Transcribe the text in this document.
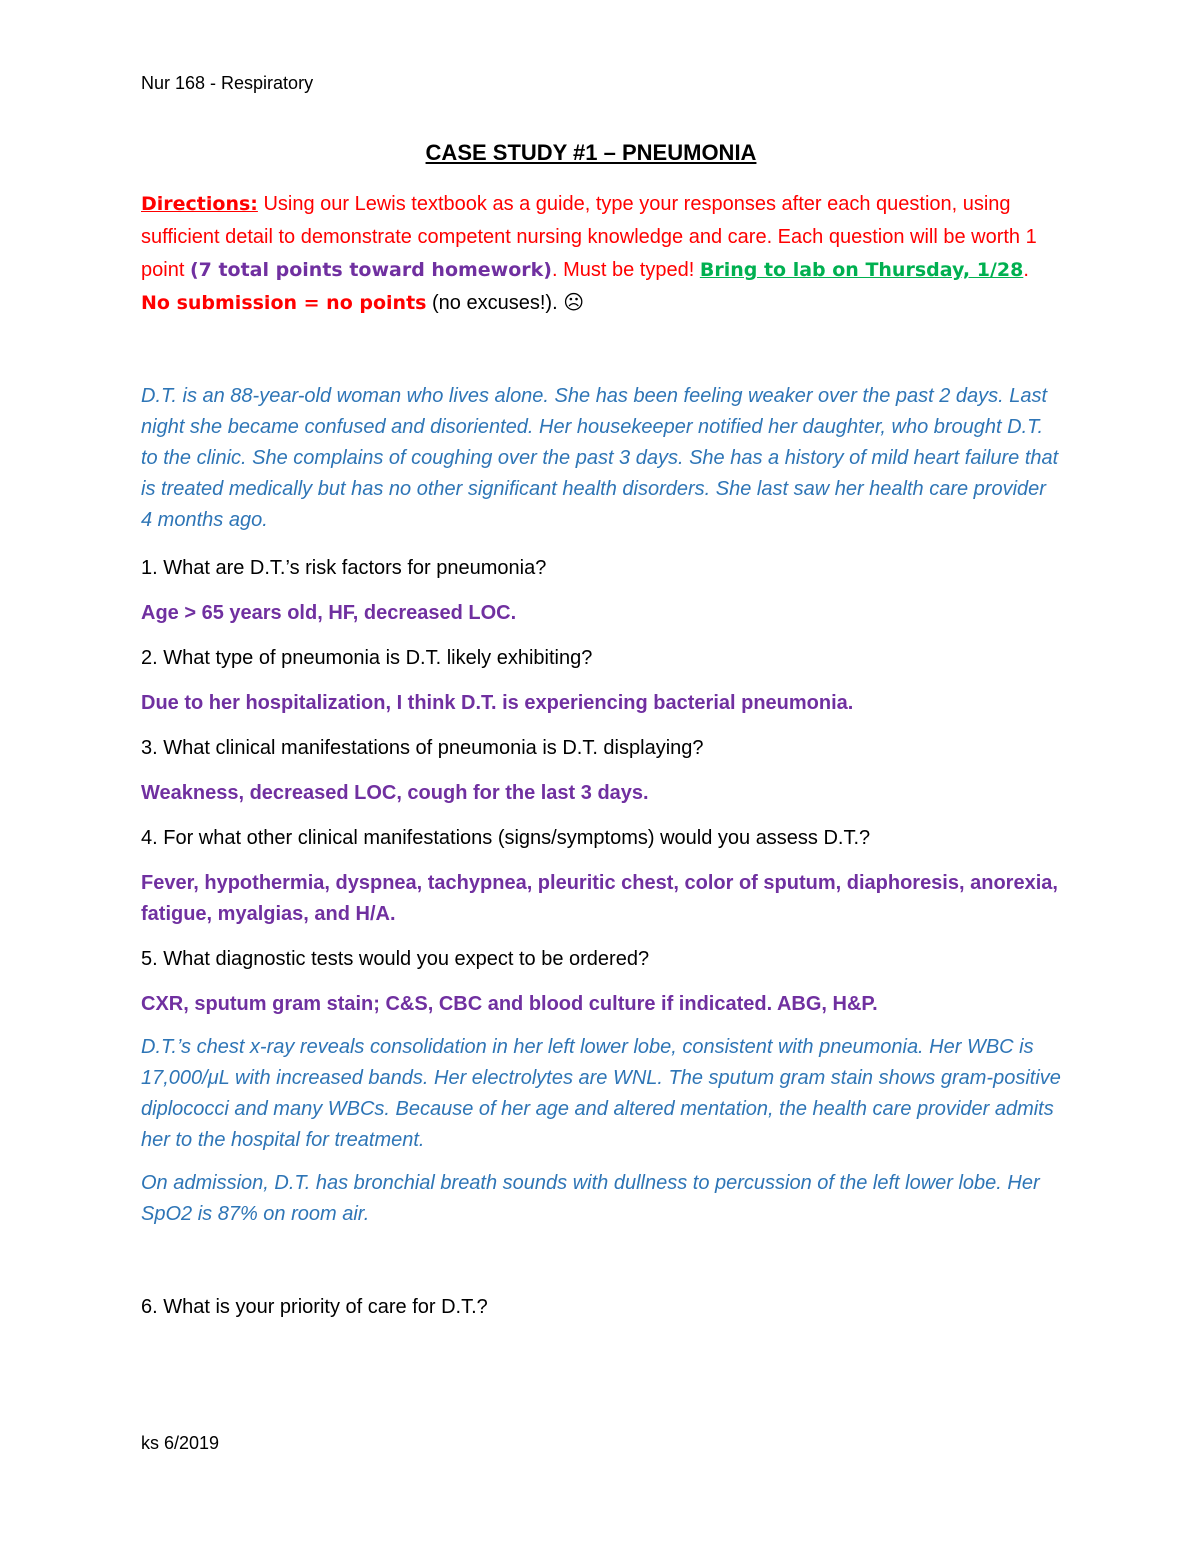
Nur 168 - Respiratory
CASE STUDY #1 – PNEUMONIA

Directions: Using our Lewis textbook as a guide, type your responses after each question, using sufficient detail to demonstrate competent nursing knowledge and care. Each question will be worth 1 point (7 total points toward homework). Must be typed! Bring to lab on Thursday, 1/28. No submission = no points (no excuses!). ☹

D.T. is an 88-year-old woman who lives alone. She has been feeling weaker over the past 2 days. Last night she became confused and disoriented. Her housekeeper notified her daughter, who brought D.T. to the clinic. She complains of coughing over the past 3 days. She has a history of mild heart failure that is treated medically but has no other significant health disorders. She last saw her health care provider 4 months ago.

1. What are D.T.’s risk factors for pneumonia?

Age > 65 years old, HF, decreased LOC.

2. What type of pneumonia is D.T. likely exhibiting?

Due to her hospitalization, I think D.T. is experiencing bacterial pneumonia.

3. What clinical manifestations of pneumonia is D.T. displaying?

Weakness, decreased LOC, cough for the last 3 days.

4. For what other clinical manifestations (signs/symptoms) would you assess D.T.?

Fever, hypothermia, dyspnea, tachypnea, pleuritic chest, color of sputum, diaphoresis, anorexia, fatigue, myalgias, and H/A.

5. What diagnostic tests would you expect to be ordered?

CXR, sputum gram stain; C&S, CBC and blood culture if indicated. ABG, H&P.

D.T.’s chest x-ray reveals consolidation in her left lower lobe, consistent with pneumonia. Her WBC is 17,000/μL with increased bands. Her electrolytes are WNL. The sputum gram stain shows gram-positive diplococci and many WBCs. Because of her age and altered mentation, the health care provider admits her to the hospital for treatment.

On admission, D.T. has bronchial breath sounds with dullness to percussion of the left lower lobe. Her SpO2 is 87% on room air.

6. What is your priority of care for D.T.?

ks 6/2019
